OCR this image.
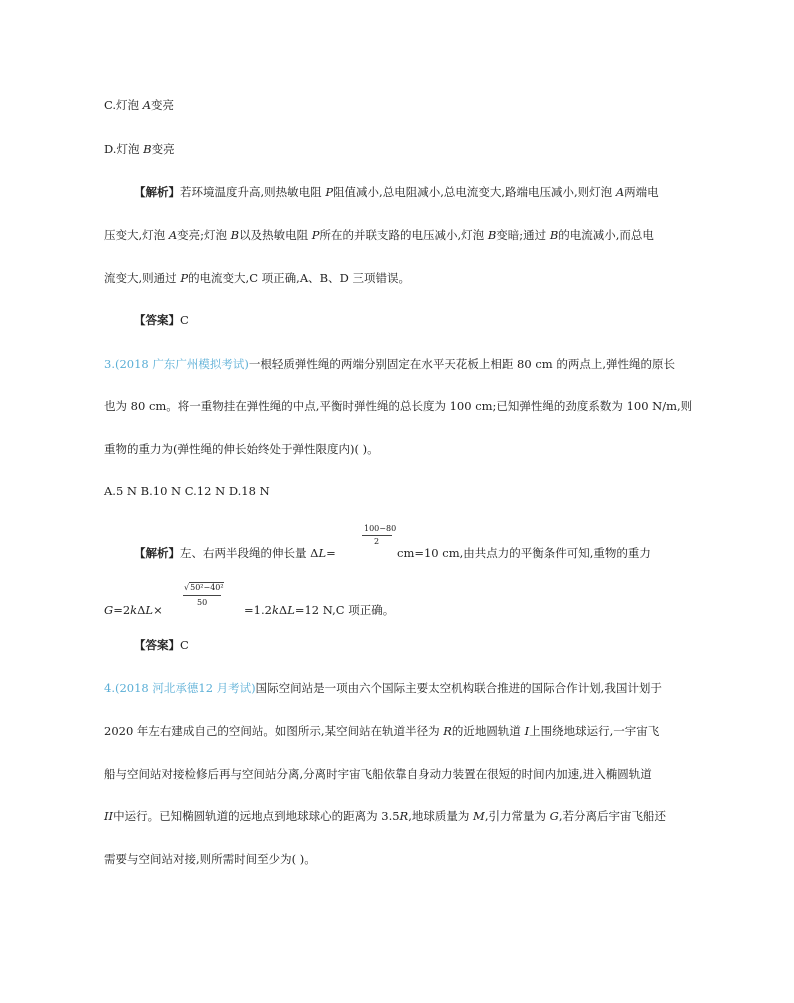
C.灯泡 A变亮
D.灯泡 B变亮
【解析】若环境温度升高,则热敏电阻 P阻值减小,总电阻减小,总电流变大,路端电压减小,则灯泡 A两端电
压变大,灯泡 A变亮;灯泡 B以及热敏电阻 P所在的并联支路的电压减小,灯泡 B变暗;通过 B的电流减小,而总电
流变大,则通过 P的电流变大,C 项正确,A、B、D 三项错误。
【答案】C
3.(2018 广东广州模拟考试)一根轻质弹性绳的两端分别固定在水平天花板上相距 80 cm 的两点上,弹性绳的原长
也为 80 cm。将一重物挂在弹性绳的中点,平衡时弹性绳的总长度为 100 cm;已知弹性绳的劲度系数为 100 N/m,则
重物的重力为(弹性绳的伸长始终处于弹性限度内)( )。
A.5 N B.10 N C.12 N D.18 N
【解析】左、右两半段绳的伸长量 ΔL=
100−80
2
cm=10 cm,由共点力的平衡条件可知,重物的重力
G=2kΔL×
√50²−40²
50
=1.2kΔL=12 N,C 项正确。
【答案】C
4.(2018 河北承德12 月考试)国际空间站是一项由六个国际主要太空机构联合推进的国际合作计划,我国计划于
2020 年左右建成自己的空间站。如图所示,某空间站在轨道半径为 R的近地圆轨道 I上围绕地球运行,一宇宙飞
船与空间站对接检修后再与空间站分离,分离时宇宙飞船依靠自身动力装置在很短的时间内加速,进入椭圆轨道
II中运行。已知椭圆轨道的远地点到地球球心的距离为 3.5R,地球质量为 M,引力常量为 G,若分离后宇宙飞船还
需要与空间站对接,则所需时间至少为( )。
